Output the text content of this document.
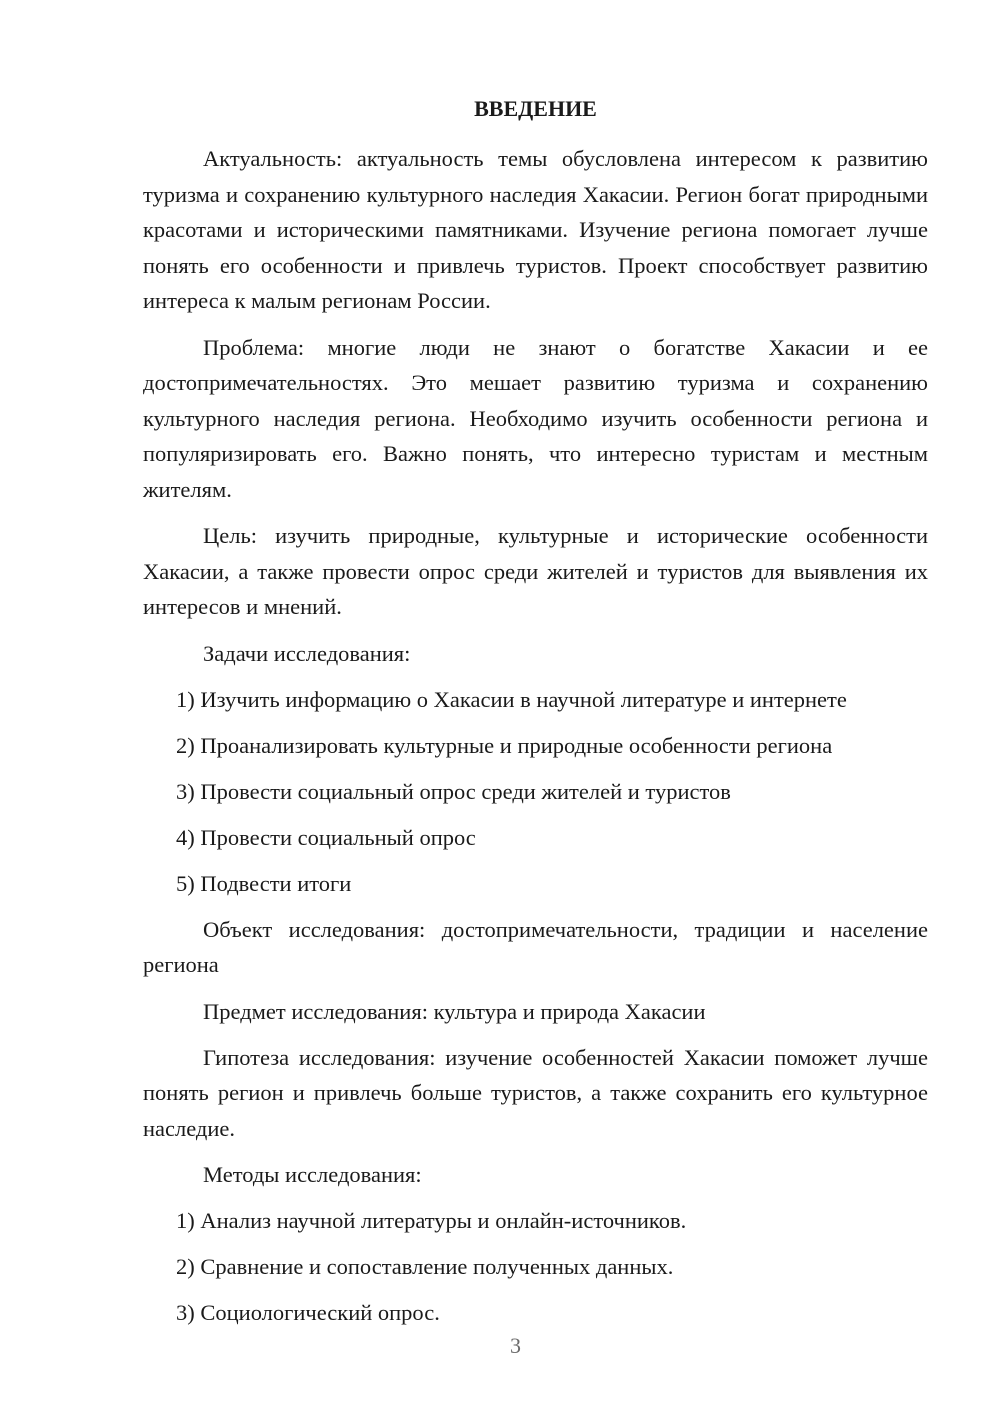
ВВЕДЕНИЕ

Актуальность: актуальность темы обусловлена интересом к развитию туризма и сохранению культурного наследия Хакасии. Регион богат природными красотами и историческими памятниками. Изучение региона помогает лучше понять его особенности и привлечь туристов. Проект способствует развитию интереса к малым регионам России.

Проблема: многие люди не знают о богатстве Хакасии и ее достопримечательностях. Это мешает развитию туризма и сохранению культурного наследия региона. Необходимо изучить особенности региона и популяризировать его. Важно понять, что интересно туристам и местным жителям.

Цель: изучить природные, культурные и исторические особенности Хакасии, а также провести опрос среди жителей и туристов для выявления их интересов и мнений.

Задачи исследования:

1) Изучить информацию о Хакасии в научной литературе и интернете

2) Проанализировать культурные и природные особенности региона

3) Провести социальный опрос среди жителей и туристов

4) Провести социальный опрос

5) Подвести итоги

Объект исследования: достопримечательности, традиции и население региона

Предмет исследования: культура и природа Хакасии

Гипотеза исследования: изучение особенностей Хакасии поможет лучше понять регион и привлечь больше туристов, а также сохранить его культурное наследие.

Методы исследования:

1) Анализ научной литературы и онлайн-источников.

2) Сравнение и сопоставление полученных данных.

3) Социологический опрос.

3
